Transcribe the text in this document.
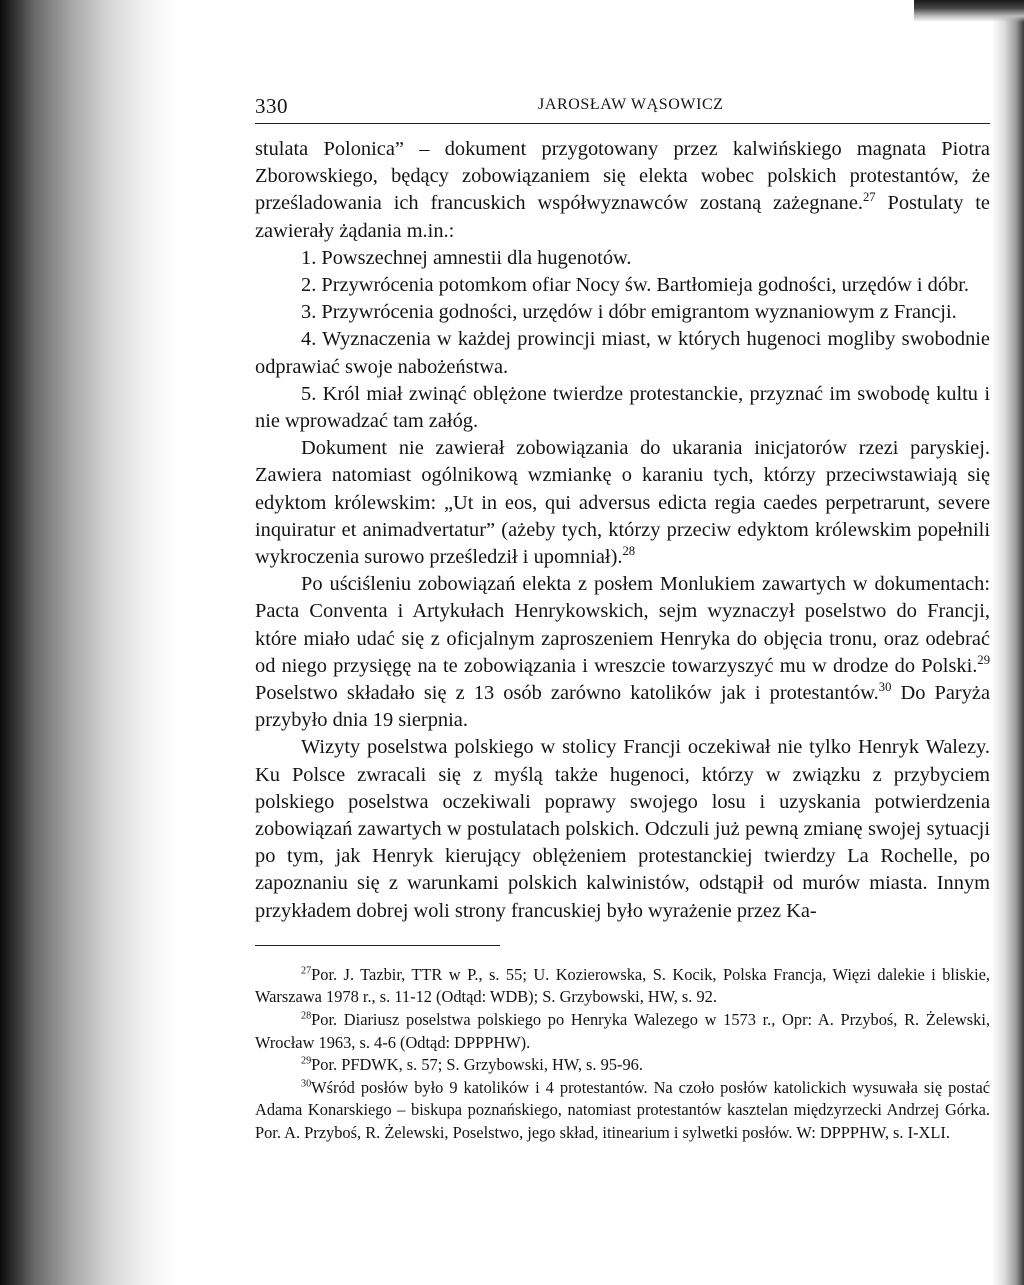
330	JAROSŁAW WĄSOWICZ

stulata Polonica” – dokument przygotowany przez kalwińskiego magnata Piotra Zborowskiego, będący zobowiązaniem się elekta wobec polskich protestantów, że prześladowania ich francuskich współwyznawców zostaną zażegnane.$^{27}$ Postulaty te zawierały żądania m.in.:

1. Powszechnej amnestii dla hugenotów.

2. Przywrócenia potomkom ofiar Nocy św. Bartłomieja godności, urzędów i dóbr.

3. Przywrócenia godności, urzędów i dóbr emigrantom wyznaniowym z Francji.

4. Wyznaczenia w każdej prowincji miast, w których hugenoci mogliby swobodnie odprawiać swoje nabożeństwa.

5. Król miał zwinąć oblężone twierdze protestanckie, przyznać im swobodę kultu i nie wprowadzać tam załóg.

Dokument nie zawierał zobowiązania do ukarania inicjatorów rzezi paryskiej. Zawiera natomiast ogólnikową wzmiankę o karaniu tych, którzy przeciwstawiają się edyktom królewskim: „Ut in eos, qui adversus edicta regia caedes perpetrarunt, severe inquiratur et animadvertatur” (ażeby tych, którzy przeciw edyktom królewskim popełnili wykroczenia surowo prześledził i upomniał).$^{28}$

Po uściśleniu zobowiązań elekta z posłem Monlukiem zawartych w dokumentach: Pacta Conventa i Artykułach Henrykowskich, sejm wyznaczył poselstwo do Francji, które miało udać się z oficjalnym zaproszeniem Henryka do objęcia tronu, oraz odebrać od niego przysięgę na te zobowiązania i wreszcie towarzyszyć mu w drodze do Polski.$^{29}$ Poselstwo składało się z 13 osób zarówno katolików jak i protestantów.$^{30}$ Do Paryża przybyło dnia 19 sierpnia.

Wizyty poselstwa polskiego w stolicy Francji oczekiwał nie tylko Henryk Walezy. Ku Polsce zwracali się z myślą także hugenoci, którzy w związku z przybyciem polskiego poselstwa oczekiwali poprawy swojego losu i uzyskania potwierdzenia zobowiązań zawartych w postulatach polskich. Odczuli już pewną zmianę swojej sytuacji po tym, jak Henryk kierujący oblężeniem protestanckiej twierdzy La Rochelle, po zapoznaniu się z warunkami polskich kalwinistów, odstąpił od murów miasta. Innym przykładem dobrej woli strony francuskiej było wyrażenie przez Ka-

$^{27}$Por. J. Tazbir, TTR w P., s. 55; U. Kozierowska, S. Kocik, Polska Francja, Więzi dalekie i bliskie, Warszawa 1978 r., s. 11-12 (Odtąd: WDB); S. Grzybowski, HW, s. 92.

$^{28}$Por. Diariusz poselstwa polskiego po Henryka Walezego w 1573 r., Opr: A. Przyboś, R. Żelewski, Wrocław 1963, s. 4-6 (Odtąd: DPPPHW).

$^{29}$Por. PFDWK, s. 57; S. Grzybowski, HW, s. 95-96.

$^{30}$Wśród posłów było 9 katolików i 4 protestantów. Na czoło posłów katolickich wysuwała się postać Adama Konarskiego – biskupa poznańskiego, natomiast protestantów kasztelan międzyrzecki Andrzej Górka. Por. A. Przyboś, R. Żelewski, Poselstwo, jego skład, itinearium i sylwetki posłów. W: DPPPHW, s. I-XLI.
